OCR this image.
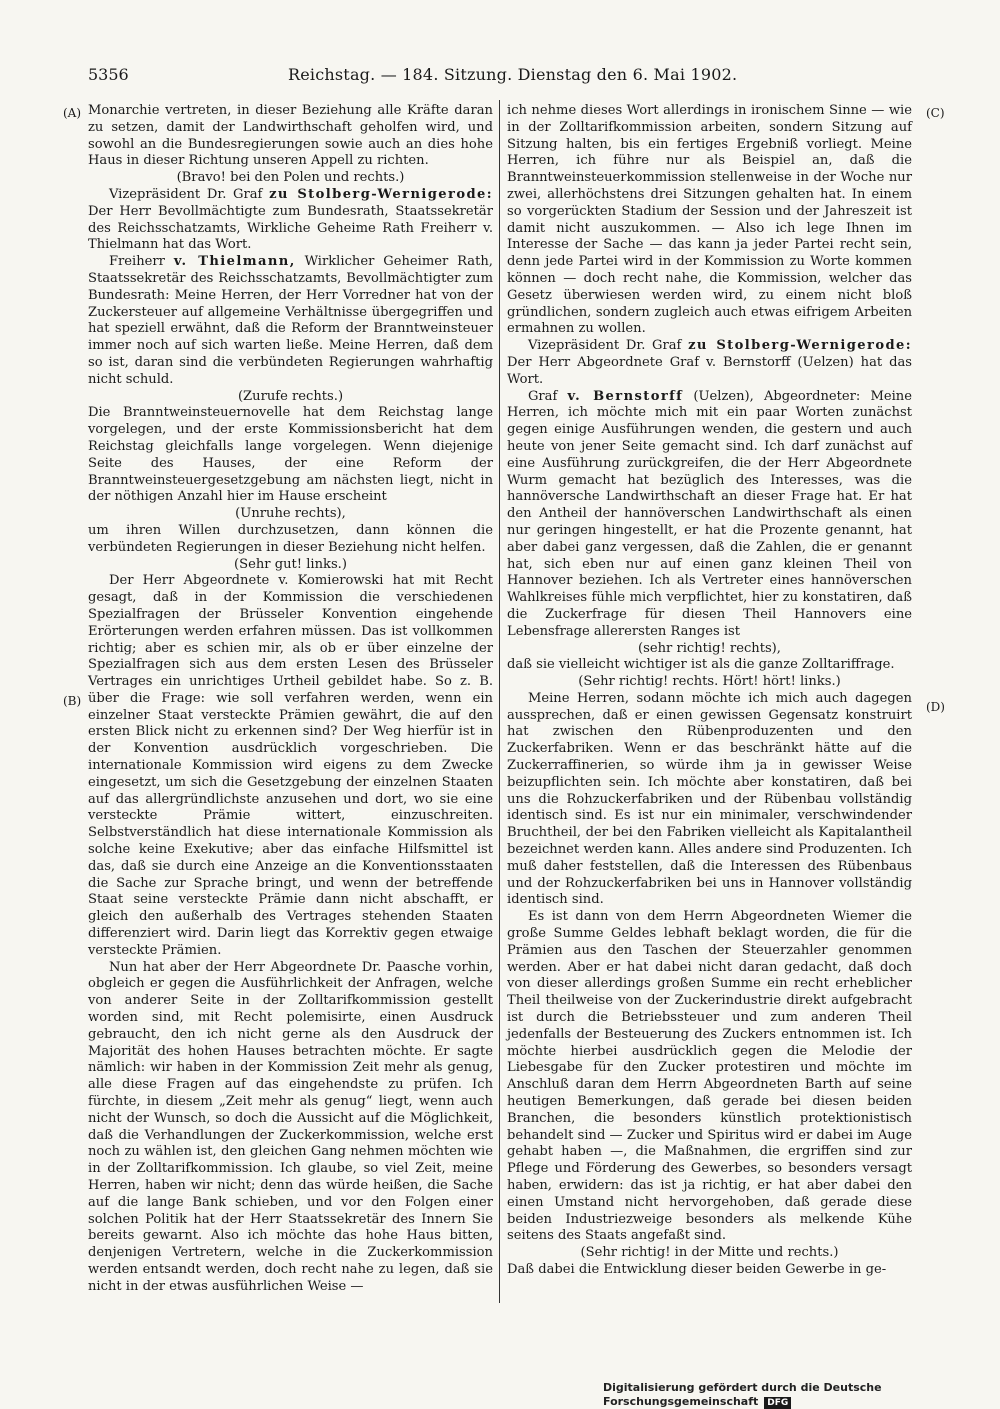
5356	Reichstag. — 184. Sitzung. Dienstag den 6. Mai 1902.
(A)
(B)
(C)
(D)

Monarchie vertreten, in dieser Beziehung alle Kräfte daran zu setzen, damit der Landwirthschaft geholfen wird, und sowohl an die Bundesregierungen sowie auch an dies hohe Haus in dieser Richtung unseren Appell zu richten.

(Bravo! bei den Polen und rechts.)

Vizepräsident Dr. Graf zu Stolberg-Wernigerode: Der Herr Bevollmächtigte zum Bundesrath, Staatssekretär des Reichsschatzamts, Wirkliche Geheime Rath Freiherr v. Thielmann hat das Wort.

Freiherr v. Thielmann, Wirklicher Geheimer Rath, Staatssekretär des Reichsschatzamts, Bevollmächtigter zum Bundesrath: Meine Herren, der Herr Vorredner hat von der Zuckersteuer auf allgemeine Verhältnisse übergegriffen und hat speziell erwähnt, daß die Reform der Branntweinsteuer immer noch auf sich warten ließe. Meine Herren, daß dem so ist, daran sind die verbündeten Regierungen wahrhaftig nicht schuld.

(Zurufe rechts.)

Die Branntweinsteuernovelle hat dem Reichstag lange vorgelegen, und der erste Kommissionsbericht hat dem Reichstag gleichfalls lange vorgelegen. Wenn diejenige Seite des Hauses, der eine Reform der Branntweinsteuergesetzgebung am nächsten liegt, nicht in der nöthigen Anzahl hier im Hause erscheint

(Unruhe rechts),

um ihren Willen durchzusetzen, dann können die verbündeten Regierungen in dieser Beziehung nicht helfen.

(Sehr gut! links.)

Der Herr Abgeordnete v. Komierowski hat mit Recht gesagt, daß in der Kommission die verschiedenen Spezialfragen der Brüsseler Konvention eingehende Erörterungen werden erfahren müssen. Das ist vollkommen richtig; aber es schien mir, als ob er über einzelne der Spezialfragen sich aus dem ersten Lesen des Brüsseler Vertrages ein unrichtiges Urtheil gebildet habe. So z. B. über die Frage: wie soll verfahren werden, wenn ein einzelner Staat versteckte Prämien gewährt, die auf den ersten Blick nicht zu erkennen sind? Der Weg hierfür ist in der Konvention ausdrücklich vorgeschrieben. Die internationale Kommission wird eigens zu dem Zwecke eingesetzt, um sich die Gesetzgebung der einzelnen Staaten auf das allergründlichste anzusehen und dort, wo sie eine versteckte Prämie wittert, einzuschreiten. Selbstverständlich hat diese internationale Kommission als solche keine Exekutive; aber das einfache Hilfsmittel ist das, daß sie durch eine Anzeige an die Konventionsstaaten die Sache zur Sprache bringt, und wenn der betreffende Staat seine versteckte Prämie dann nicht abschafft, er gleich den außerhalb des Vertrages stehenden Staaten differenziert wird. Darin liegt das Korrektiv gegen etwaige versteckte Prämien.

Nun hat aber der Herr Abgeordnete Dr. Paasche vorhin, obgleich er gegen die Ausführlichkeit der Anfragen, welche von anderer Seite in der Zolltarifkommission gestellt worden sind, mit Recht polemisirte, einen Ausdruck gebraucht, den ich nicht gerne als den Ausdruck der Majorität des hohen Hauses betrachten möchte. Er sagte nämlich: wir haben in der Kommission Zeit mehr als genug, alle diese Fragen auf das eingehendste zu prüfen. Ich fürchte, in diesem „Zeit mehr als genug“ liegt, wenn auch nicht der Wunsch, so doch die Aussicht auf die Möglichkeit, daß die Verhandlungen der Zuckerkommission, welche erst noch zu wählen ist, den gleichen Gang nehmen möchten wie in der Zolltarifkommission. Ich glaube, so viel Zeit, meine Herren, haben wir nicht; denn das würde heißen, die Sache auf die lange Bank schieben, und vor den Folgen einer solchen Politik hat der Herr Staatssekretär des Innern Sie bereits gewarnt. Also ich möchte das hohe Haus bitten, denjenigen Vertretern, welche in die Zuckerkommission werden entsandt werden, doch recht nahe zu legen, daß sie nicht in der etwas ausführlichen Weise —

ich nehme dieses Wort allerdings in ironischem Sinne — wie in der Zolltarifkommission arbeiten, sondern Sitzung auf Sitzung halten, bis ein fertiges Ergebniß vorliegt. Meine Herren, ich führe nur als Beispiel an, daß die Branntweinsteuerkommission stellenweise in der Woche nur zwei, allerhöchstens drei Sitzungen gehalten hat. In einem so vorgerückten Stadium der Session und der Jahreszeit ist damit nicht auszukommen. — Also ich lege Ihnen im Interesse der Sache — das kann ja jeder Partei recht sein, denn jede Partei wird in der Kommission zu Worte kommen können — doch recht nahe, die Kommission, welcher das Gesetz überwiesen werden wird, zu einem nicht bloß gründlichen, sondern zugleich auch etwas eifrigem Arbeiten ermahnen zu wollen.

Vizepräsident Dr. Graf zu Stolberg-Wernigerode: Der Herr Abgeordnete Graf v. Bernstorff (Uelzen) hat das Wort.

Graf v. Bernstorff (Uelzen), Abgeordneter: Meine Herren, ich möchte mich mit ein paar Worten zunächst gegen einige Ausführungen wenden, die gestern und auch heute von jener Seite gemacht sind. Ich darf zunächst auf eine Ausführung zurückgreifen, die der Herr Abgeordnete Wurm gemacht hat bezüglich des Interesses, was die hannöversche Landwirthschaft an dieser Frage hat. Er hat den Antheil der hannöverschen Landwirthschaft als einen nur geringen hingestellt, er hat die Prozente genannt, hat aber dabei ganz vergessen, daß die Zahlen, die er genannt hat, sich eben nur auf einen ganz kleinen Theil von Hannover beziehen. Ich als Vertreter eines hannöverschen Wahlkreises fühle mich verpflichtet, hier zu konstatiren, daß die Zuckerfrage für diesen Theil Hannovers eine Lebensfrage allerersten Ranges ist

(sehr richtig! rechts),

daß sie vielleicht wichtiger ist als die ganze Zolltariffrage.

(Sehr richtig! rechts. Hört! hört! links.)

Meine Herren, sodann möchte ich mich auch dagegen aussprechen, daß er einen gewissen Gegensatz konstruirt hat zwischen den Rübenproduzenten und den Zuckerfabriken. Wenn er das beschränkt hätte auf die Zuckerraffinerien, so würde ihm ja in gewisser Weise beizupflichten sein. Ich möchte aber konstatiren, daß bei uns die Rohzuckerfabriken und der Rübenbau vollständig identisch sind. Es ist nur ein minimaler, verschwindender Bruchtheil, der bei den Fabriken vielleicht als Kapitalantheil bezeichnet werden kann. Alles andere sind Produzenten. Ich muß daher feststellen, daß die Interessen des Rübenbaus und der Rohzuckerfabriken bei uns in Hannover vollständig identisch sind.

Es ist dann von dem Herrn Abgeordneten Wiemer die große Summe Geldes lebhaft beklagt worden, die für die Prämien aus den Taschen der Steuerzahler genommen werden. Aber er hat dabei nicht daran gedacht, daß doch von dieser allerdings großen Summe ein recht erheblicher Theil theilweise von der Zuckerindustrie direkt aufgebracht ist durch die Betriebssteuer und zum anderen Theil jedenfalls der Besteuerung des Zuckers entnommen ist. Ich möchte hierbei ausdrücklich gegen die Melodie der Liebesgabe für den Zucker protestiren und möchte im Anschluß daran dem Herrn Abgeordneten Barth auf seine heutigen Bemerkungen, daß gerade bei diesen beiden Branchen, die besonders künstlich protektionistisch behandelt sind — Zucker und Spiritus wird er dabei im Auge gehabt haben —, die Maßnahmen, die ergriffen sind zur Pflege und Förderung des Gewerbes, so besonders versagt haben, erwidern: das ist ja richtig, er hat aber dabei den einen Umstand nicht hervorgehoben, daß gerade diese beiden Industriezweige besonders als melkende Kühe seitens des Staats angefaßt sind.

(Sehr richtig! in der Mitte und rechts.)

Daß dabei die Entwicklung dieser beiden Gewerbe in ge-

Digitalisierung gefördert durch die Deutsche Forschungsgemeinschaft DFG
